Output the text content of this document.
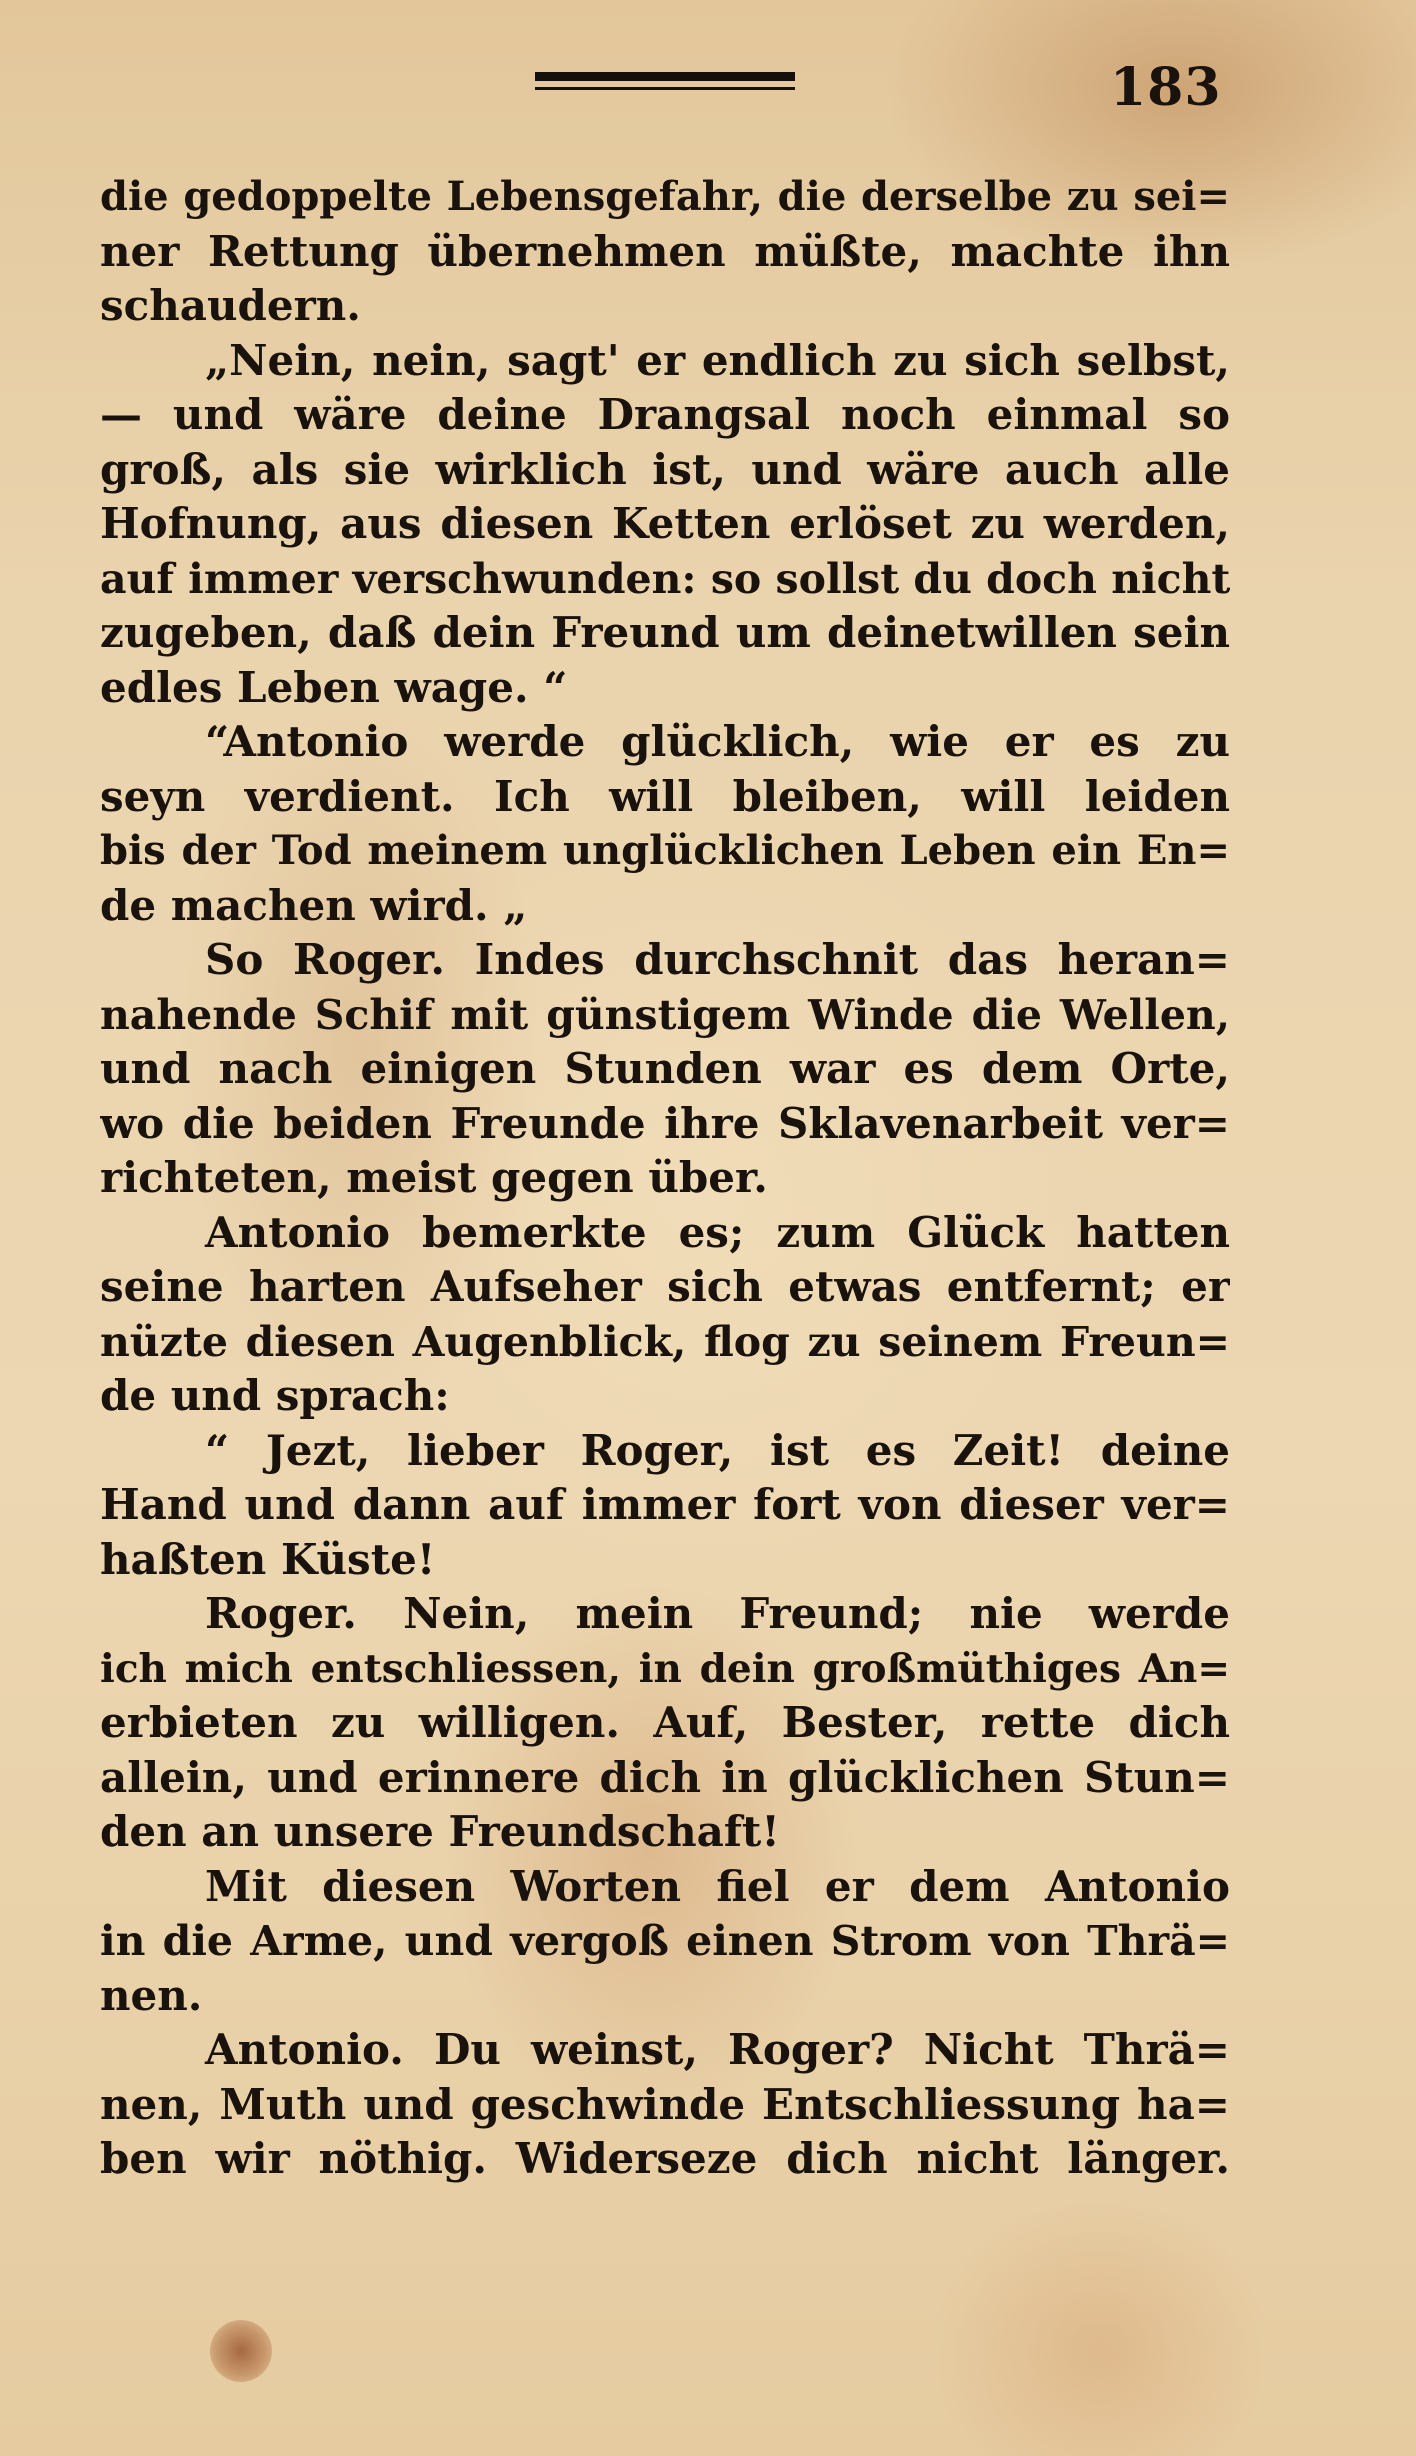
183
die gedoppelte Lebensgefahr, die derselbe zu sei=
ner Rettung übernehmen müßte, machte ihn
schaudern.
„Nein, nein, sagt' er endlich zu sich selbst,
— und wäre deine Drangsal noch einmal so
groß, als sie wirklich ist, und wäre auch alle
Hofnung, aus diesen Ketten erlöset zu werden,
auf immer verschwunden: so sollst du doch nicht
zugeben, daß dein Freund um deinetwillen sein
edles Leben wage. “
“Antonio werde glücklich, wie er es zu
seyn verdient. Ich will bleiben, will leiden
bis der Tod meinem unglücklichen Leben ein En=
de machen wird. „
So Roger. Indes durchschnit das heran=
nahende Schif mit günstigem Winde die Wellen,
und nach einigen Stunden war es dem Orte,
wo die beiden Freunde ihre Sklavenarbeit ver=
richteten, meist gegen über.
Antonio bemerkte es; zum Glück hatten
seine harten Aufseher sich etwas entfernt; er
nüzte diesen Augenblick, flog zu seinem Freun=
de und sprach:
“ Jezt, lieber Roger, ist es Zeit! deine
Hand und dann auf immer fort von dieser ver=
haßten Küste!
Roger. Nein, mein Freund; nie werde
ich mich entschliessen, in dein großmüthiges An=
erbieten zu willigen. Auf, Bester, rette dich
allein, und erinnere dich in glücklichen Stun=
den an unsere Freundschaft!
Mit diesen Worten fiel er dem Antonio
in die Arme, und vergoß einen Strom von Thrä=
nen.
Antonio. Du weinst, Roger? Nicht Thrä=
nen, Muth und geschwinde Entschliessung ha=
ben wir nöthig. Widerseze dich nicht länger.
